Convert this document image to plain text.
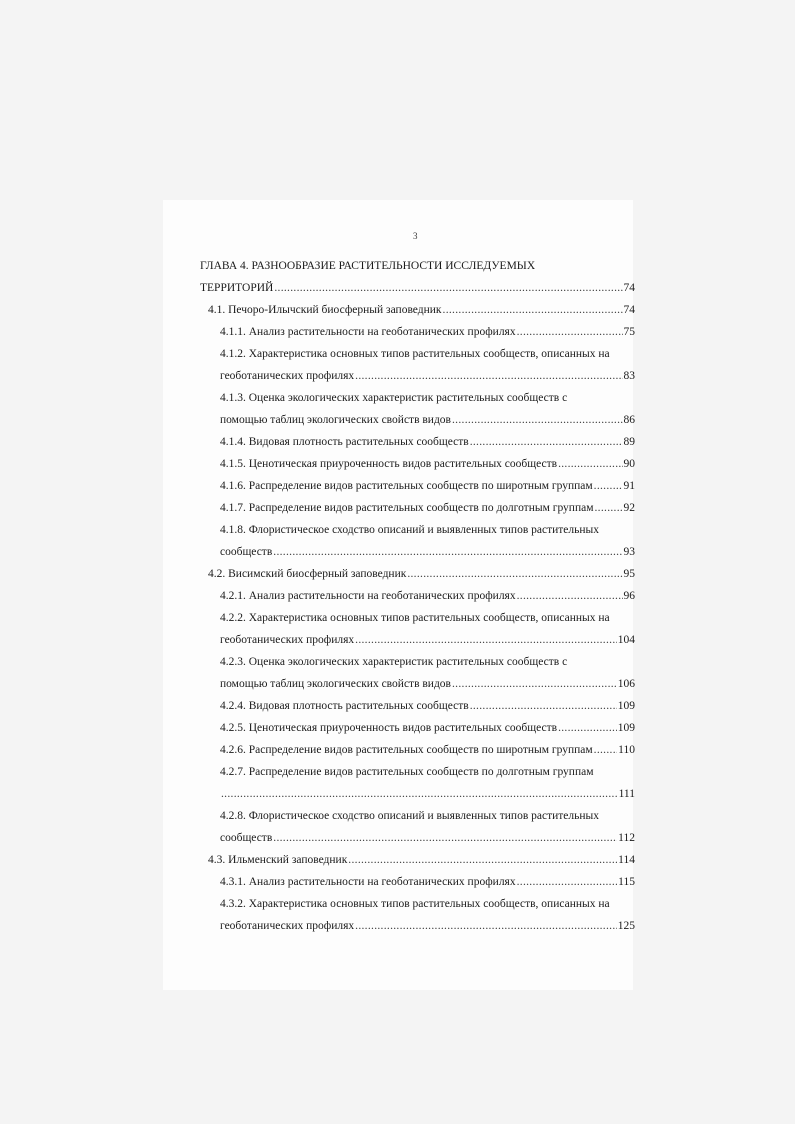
3
ГЛАВА 4. РАЗНООБРАЗИЕ РАСТИТЕЛЬНОСТИ ИССЛЕДУЕМЫХ
ТЕРРИТОРИЙ .....	74
4.1. Печоро-Илычский биосферный заповедник .....	74
4.1.1. Анализ растительности на геоботанических профилях .....	75
4.1.2. Характеристика основных типов растительных сообществ, описанных на
геоботанических профилях .....	83
4.1.3. Оценка экологических характеристик растительных сообществ с
помощью таблиц экологических свойств видов .....	86
4.1.4. Видовая плотность растительных сообществ .....	89
4.1.5. Ценотическая приуроченность видов растительных сообществ .....	90
4.1.6. Распределение видов растительных сообществ по широтным группам .....	91
4.1.7. Распределение видов растительных сообществ по долготным группам .....	92
4.1.8. Флористическое сходство описаний и выявленных типов растительных
сообществ .....	93
4.2. Висимский биосферный заповедник .....	95
4.2.1. Анализ растительности на геоботанических профилях .....	96
4.2.2. Характеристика основных типов растительных сообществ, описанных на
геоботанических профилях .....	104
4.2.3. Оценка экологических характеристик растительных сообществ с
помощью таблиц экологических свойств видов .....	106
4.2.4. Видовая плотность растительных сообществ .....	109
4.2.5. Ценотическая приуроченность видов растительных сообществ .....	109
4.2.6. Распределение видов растительных сообществ по широтным группам ..... 110
4.2.7. Распределение видов растительных сообществ по долготным группам
.....
111
4.2.8. Флористическое сходство описаний и выявленных типов растительных
сообществ .....	112
4.3. Ильменский заповедник .....	114
4.3.1. Анализ растительности на геоботанических профилях .....	115
4.3.2. Характеристика основных типов растительных сообществ, описанных на
геоботанических профилях .....	125
